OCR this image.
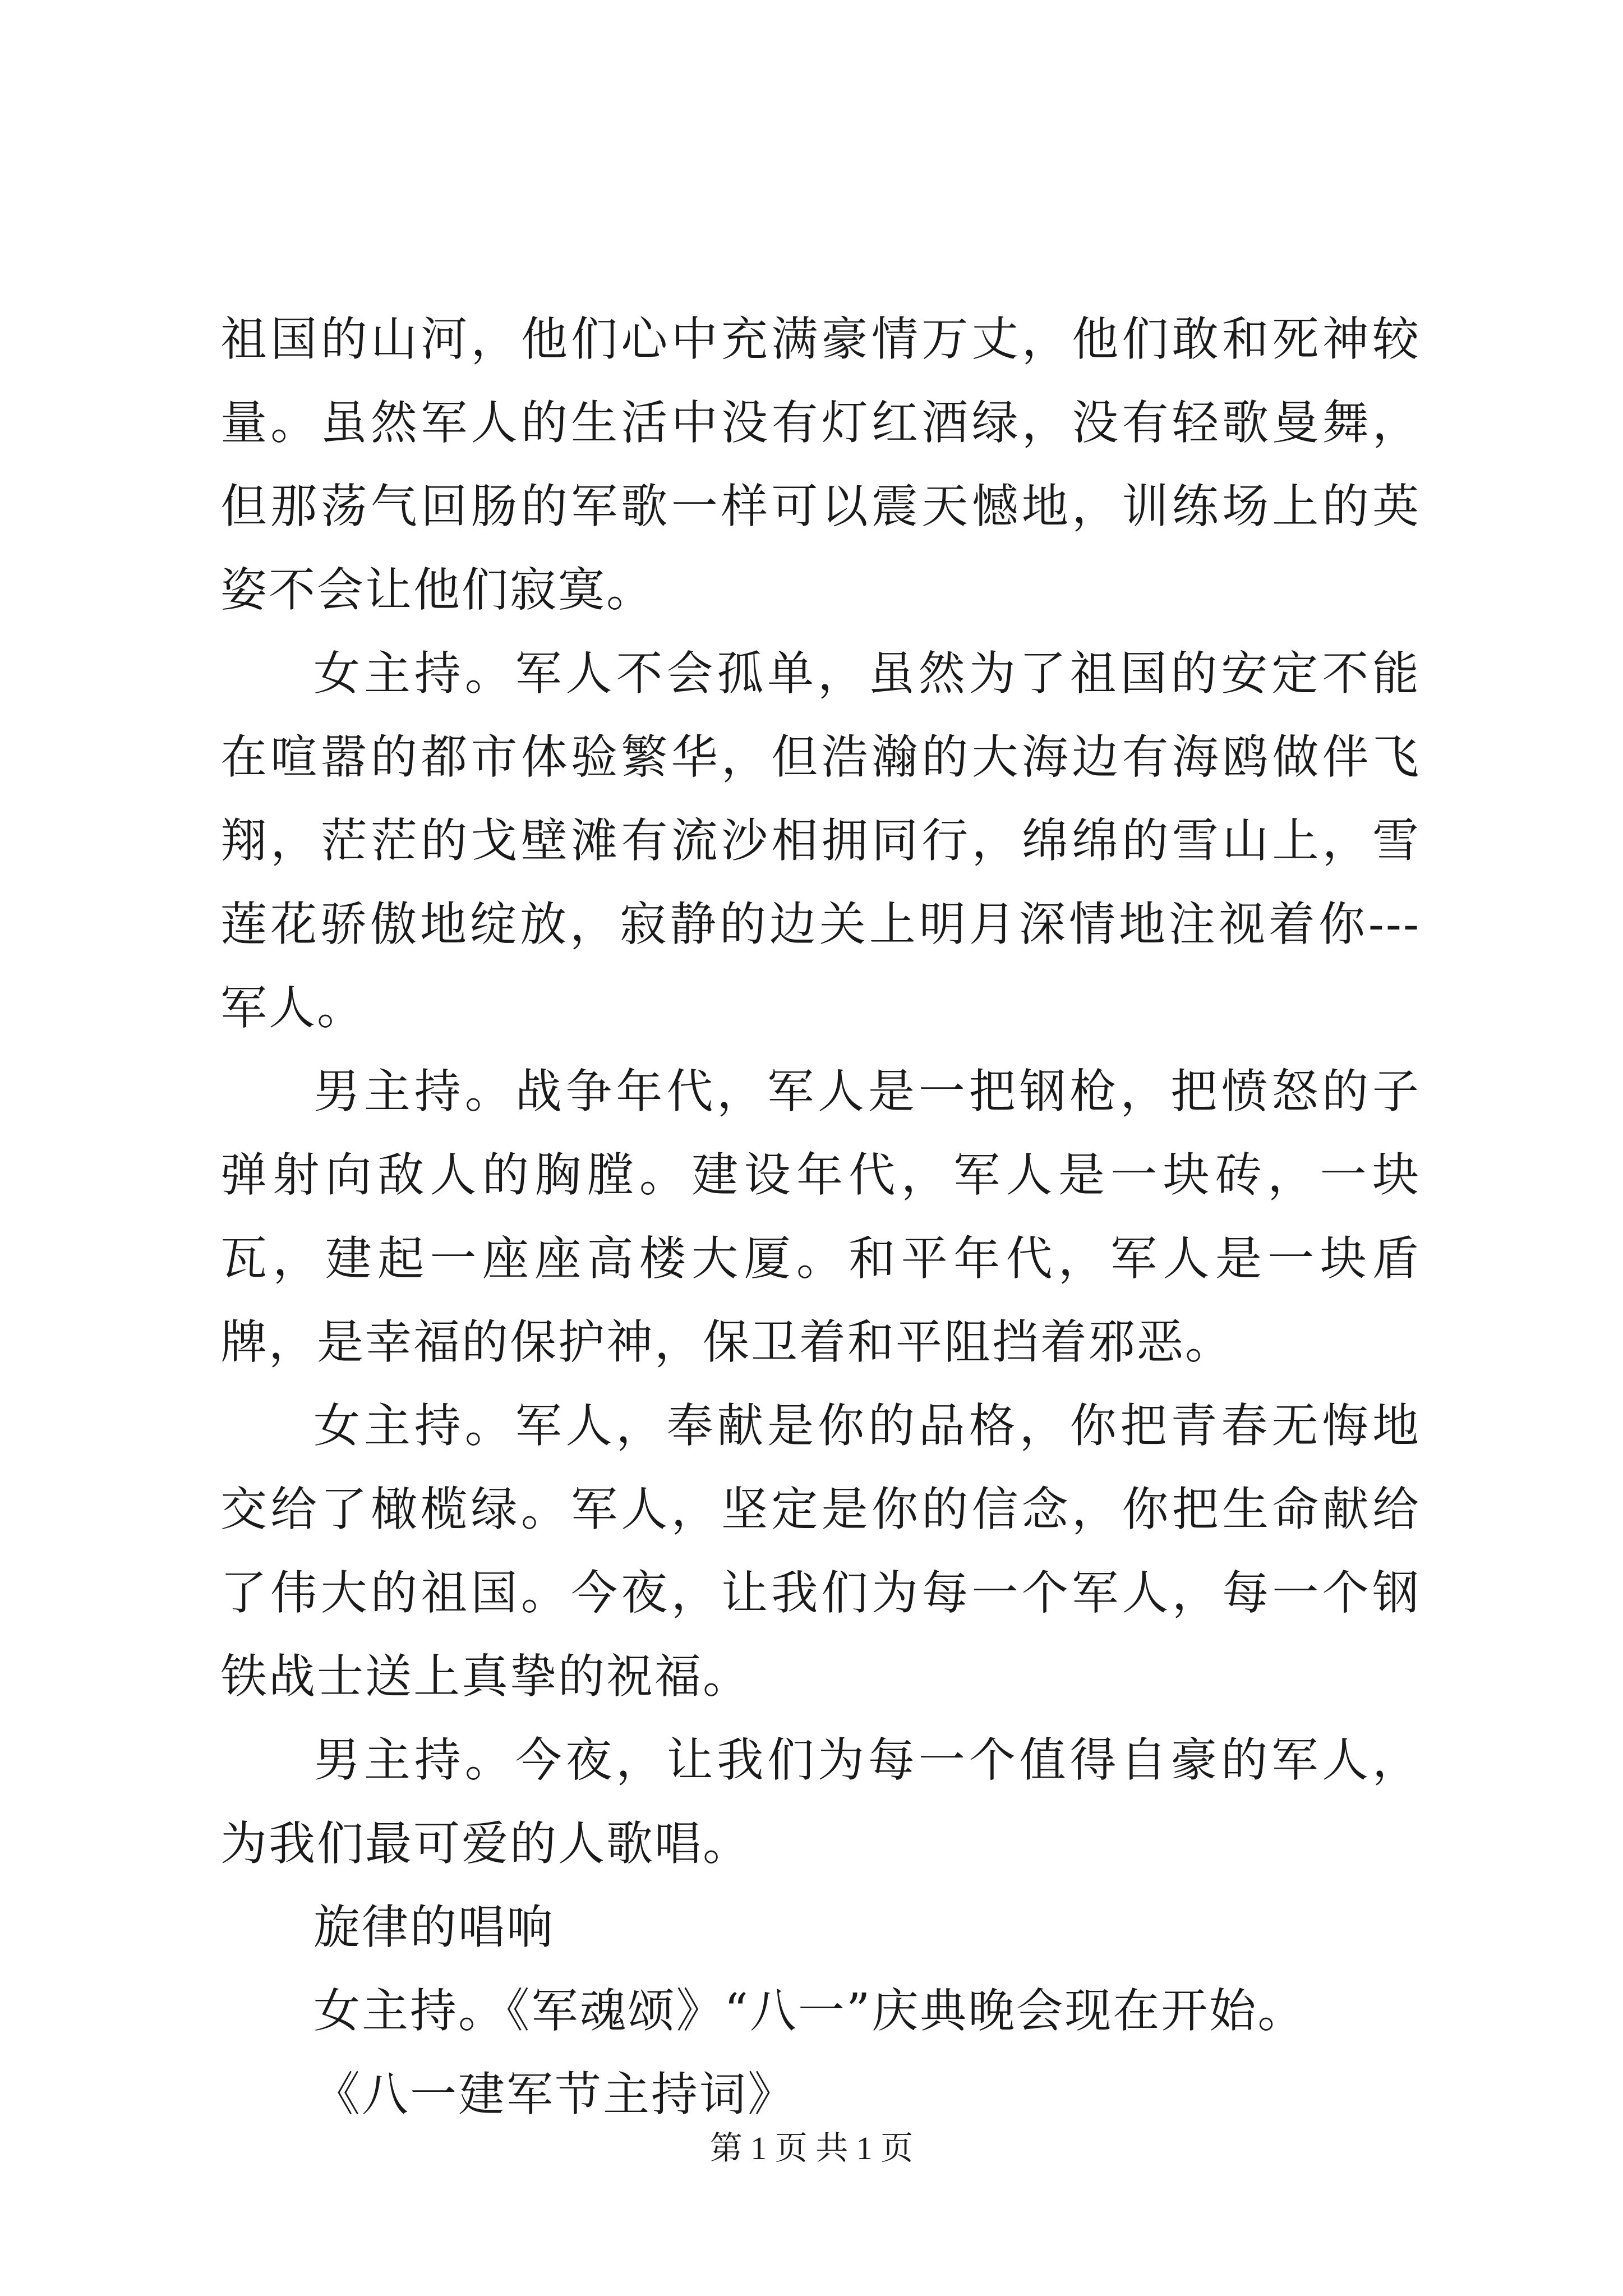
祖国的山河，他们心中充满豪情万丈，他们敢和死神较量。虽然军人的生活中没有灯红酒绿，没有轻歌曼舞，但那荡气回肠的军歌一样可以震天憾地，训练场上的英姿不会让他们寂寞。

女主持。军人不会孤单，虽然为了祖国的安定不能在喧嚣的都市体验繁华，但浩瀚的大海边有海鸥做伴飞翔，茫茫的戈壁滩有流沙相拥同行，绵绵的雪山上，雪莲花骄傲地绽放，寂静的边关上明月深情地注视着你---军人。

男主持。战争年代，军人是一把钢枪，把愤怒的子弹射向敌人的胸膛。建设年代，军人是一块砖，一块瓦，建起一座座高楼大厦。和平年代，军人是一块盾牌，是幸福的保护神，保卫着和平阻挡着邪恶。

女主持。军人，奉献是你的品格，你把青春无悔地交给了橄榄绿。军人，坚定是你的信念，你把生命献给了伟大的祖国。今夜，让我们为每一个军人，每一个钢铁战士送上真挚的祝福。

男主持。今夜，让我们为每一个值得自豪的军人，为我们最可爱的人歌唱。

旋律的唱响

女主持。《军魂颂》“八一”庆典晚会现在开始。

《八一建军节主持词》

第 1 页 共 1 页
